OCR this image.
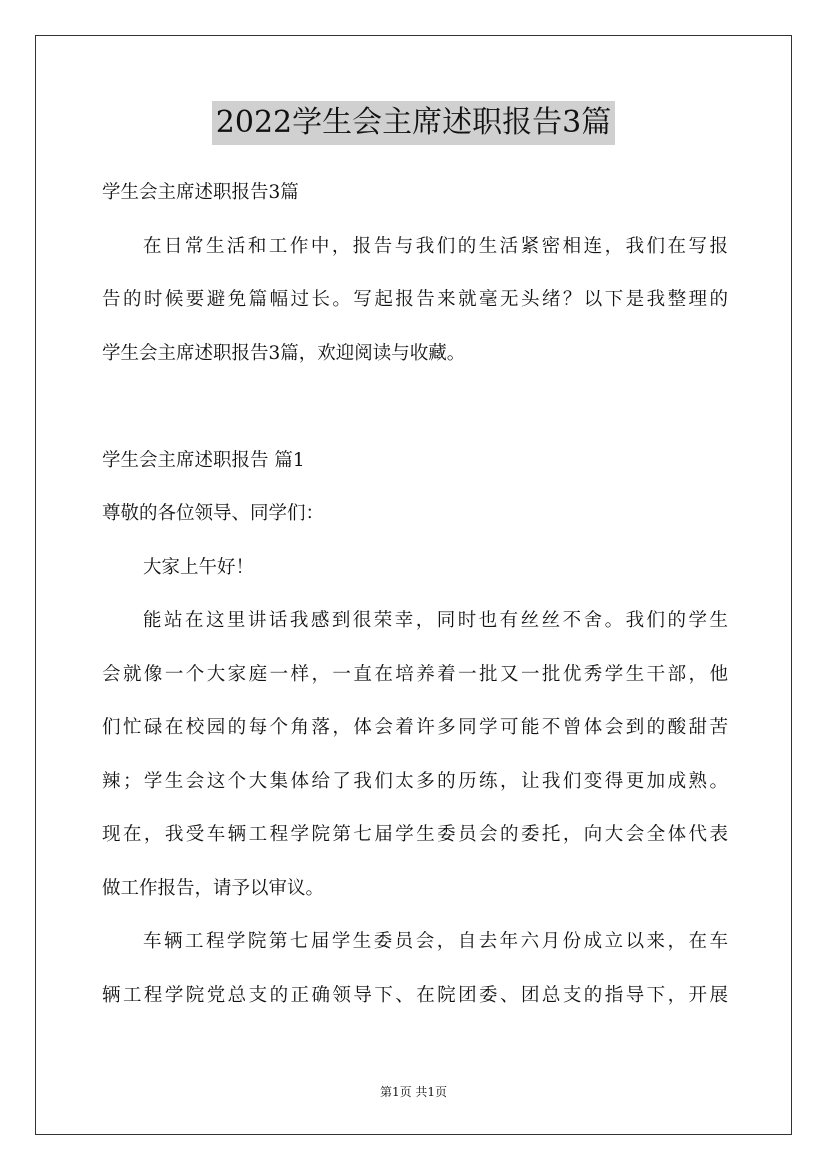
2022学生会主席述职报告3篇
学生会主席述职报告3篇
在日常生活和工作中，报告与我们的生活紧密相连，我们在写报
告的时候要避免篇幅过长。写起报告来就毫无头绪？以下是我整理的
学生会主席述职报告3篇，欢迎阅读与收藏。
学生会主席述职报告 篇1
尊敬的各位领导、同学们：
大家上午好！
能站在这里讲话我感到很荣幸，同时也有丝丝不舍。我们的学生
会就像一个大家庭一样，一直在培养着一批又一批优秀学生干部，他
们忙碌在校园的每个角落，体会着许多同学可能不曾体会到的酸甜苦
辣；学生会这个大集体给了我们太多的历练，让我们变得更加成熟。
现在，我受车辆工程学院第七届学生委员会的委托，向大会全体代表
做工作报告，请予以审议。
车辆工程学院第七届学生委员会，自去年六月份成立以来，在车
辆工程学院党总支的正确领导下、在院团委、团总支的指导下，开展
第1页 共1页
